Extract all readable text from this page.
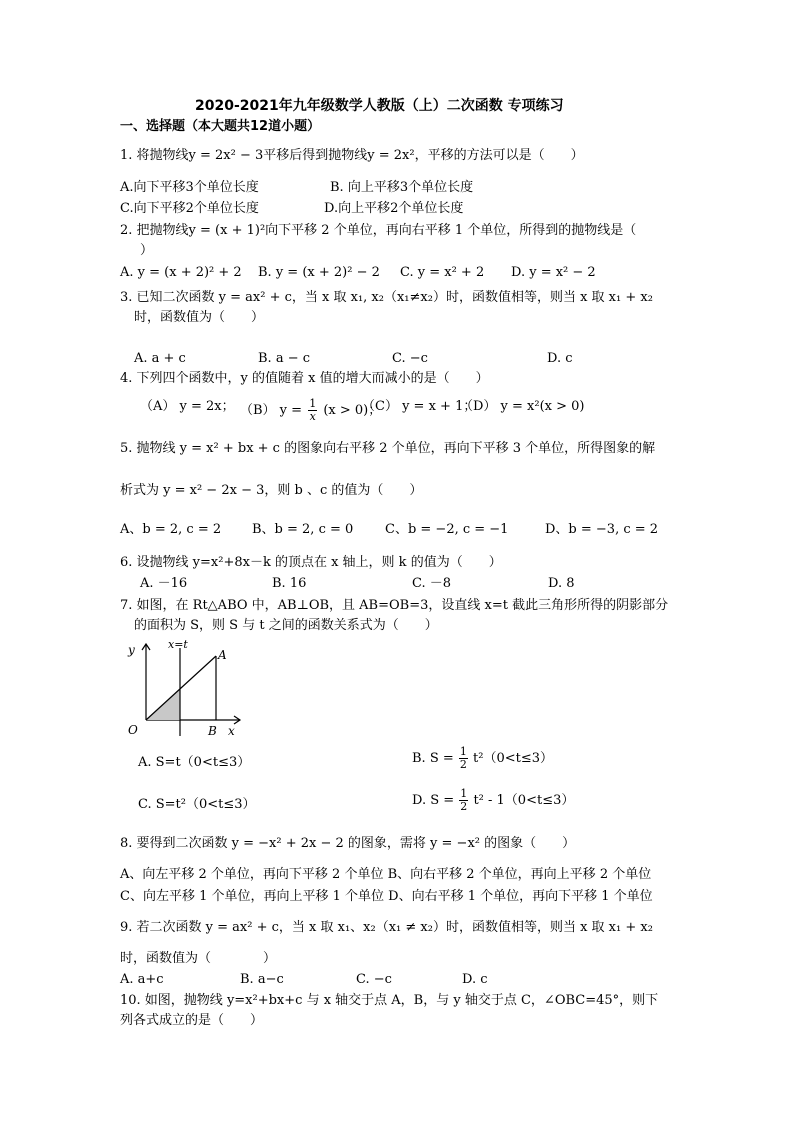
2020-2021年九年级数学人教版（上）二次函数 专项练习
一、选择题（本大题共12道小题）
1. 将抛物线y = 2x² − 3平移后得到抛物线y = 2x²，平移的方法可以是（　　）
A.向下平移3个单位长度	B. 向上平移3个单位长度
C.向下平移2个单位长度	D.向上平移2个单位长度
2. 把抛物线y = (x + 1)²向下平移 2 个单位，再向右平移 1 个单位，所得到的抛物线是（
）
A. y = (x + 2)² + 2 B. y = (x + 2)² − 2 C. y = x² + 2 D. y = x² − 2
3. 已知二次函数 y = ax² + c，当 x 取 x₁, x₂（x₁≠x₂）时，函数值相等，则当 x 取 x₁ + x₂
时，函数值为（　　）
A. a + c	B. a − c	C. −c	D. c
4. 下列四个函数中，y 的值随着 x 值的增大而减小的是（　　）
（A） y = 2x； （B） $y = \frac{1}{x} (x > 0)$；
（C） y = x + 1；
（D） y = x²(x > 0)
5. 抛物线 y = x² + bx + c 的图象向右平移 2 个单位，再向下平移 3 个单位，所得图象的解
析式为 y = x² − 2x − 3，则 b 、c 的值为（　　）
A、b = 2, c = 2 B、b = 2, c = 0 C、b = −2, c = −1	D、b = −3, c = 2
6. 设抛物线 y=x²+8x－k 的顶点在 x 轴上，则 k 的值为（　　）
A. －16	B. 16	C. －8	D. 8
7. 如图，在 Rt△ABO 中，AB⊥OB，且 AB=OB=3，设直线 x=t 截此三角形所得的阴影部分
的面积为 S，则 S 与 t 之间的函数关系式为（　　）
y	x=t
A
B x
O
A. S=t（0<t≤3）	B. $S = \frac{1}{2} t^2(0<t\le 3)$
C. S=t²（0<t≤3）	D. $S = \frac{1}{2} t^2 - 1(0<t\le 3)$
8. 要得到二次函数 y = −x² + 2x − 2 的图象，需将 y = −x² 的图象（　　）
A、向左平移 2 个单位，再向下平移 2 个单位 B、向右平移 2 个单位，再向上平移 2 个单位
C、向左平移 1 个单位，再向上平移 1 个单位 D、向右平移 1 个单位，再向下平移 1 个单位
9. 若二次函数 y = ax² + c，当 x 取 x₁、x₂（x₁ ≠ x₂）时，函数值相等，则当 x 取 x₁ + x₂
时，函数值为（　　　　）
A. a+c	B. a−c	C. −c	D. c
10. 如图，抛物线 y=x²+bx+c 与 x 轴交于点 A，B，与 y 轴交于点 C，∠OBC=45°，则下
列各式成立的是（　　）
